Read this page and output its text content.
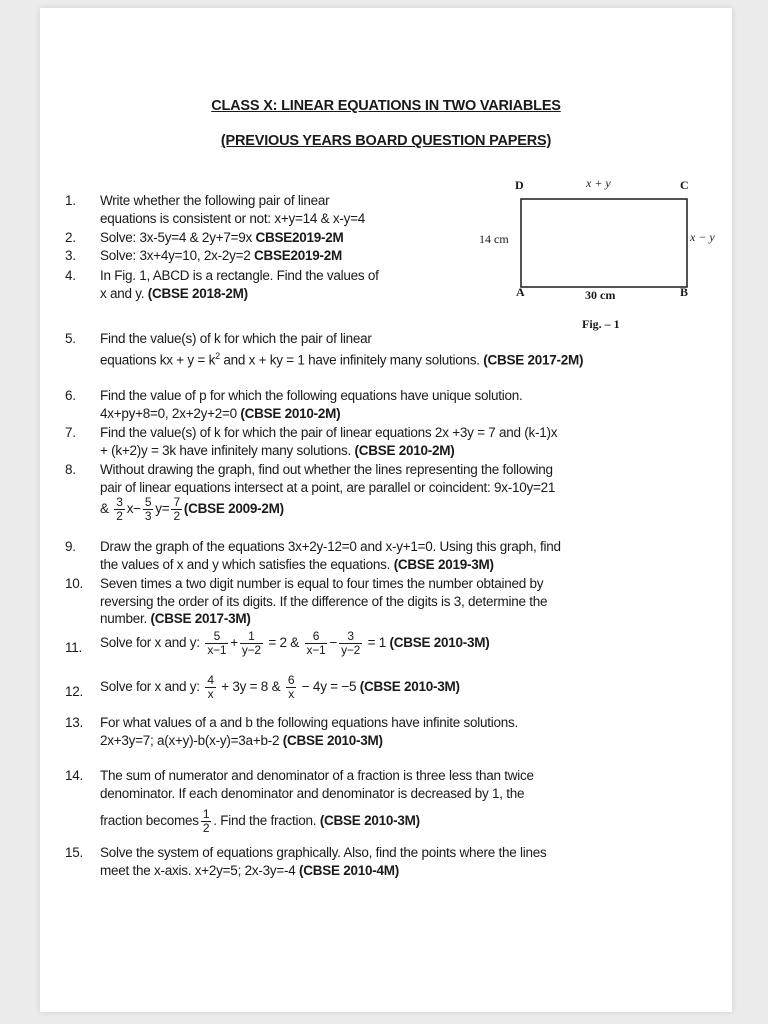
CLASS X: LINEAR EQUATIONS IN TWO VARIABLES
(PREVIOUS YEARS BOARD QUESTION PAPERS)
D	C
A	B
x + y
14 cm	x − y
30 cm
Fig. – 1
1. Write whether the following pair of linear
equations is consistent or not: x+y=14 & x-y=4
2. Solve: 3x-5y=4 & 2y+7=9x CBSE2019-2M
3. Solve: 3x+4y=10, 2x-2y=2 CBSE2019-2M
4. In Fig. 1, ABCD is a rectangle. Find the values of
x and y. (CBSE 2018-2M)
5. Find the value(s) of k for which the pair of linear
equations kx + $y = k^2$ and x + ky = 1 have infinitely many solutions. (CBSE 2017-2M)
6. Find the value of p for which the following equations have unique solution.
4x+py+8=0, 2x+2y+2=0 (CBSE 2010-2M)
7. Find the value(s) of k for which the pair of linear equations 2x +3y = 7 and (k-1)x
+ (k+2)y = 3k have infinitely many solutions. (CBSE 2010-2M)
8. Without drawing the graph, find out whether the lines representing the following
pair of linear equations intersect at a point, are parallel or coincident: 9x-10y=21
& $\frac{3}{2} x- \frac{5}{3} y= \frac{7}{2}$ (CBSE 2009-2M)
9. Draw the graph of the equations 3x+2y-12=0 and x-y+1=0. Using this graph, find
the values of x and y which satisfies the equations. (CBSE 2019-3M)
10. Seven times a two digit number is equal to four times the number obtained by
reversing the order of its digits. If the difference of the digits is 3, determine the
number. (CBSE 2017-3M)
11. Solve for x and y: $\frac{5}{x-1} + \frac{1}{y-2} = 2$ & $\frac{6}{x-1} - \frac{3}{y-2} = 1$ (CBSE 2010-3M)
12. Solve for x and y: $\frac{4}{x} + 3y = 8$ & $\frac{6}{x} - 4y = -5$ (CBSE 2010-3M)
13. For what values of a and b the following equations have infinite solutions.
2x+3y=7; a(x+y)-b(x-y)=3a+b-2 (CBSE 2010-3M)
14. The sum of numerator and denominator of a fraction is three less than twice
denominator. If each denominator and denominator is decreased by 1, the
fraction becomes $\frac{1}{2}$ . Find the fraction. (CBSE 2010-3M)
15. Solve the system of equations graphically. Also, find the points where the lines
meet the x-axis. x+2y=5; 2x-3y=-4 (CBSE 2010-4M)
